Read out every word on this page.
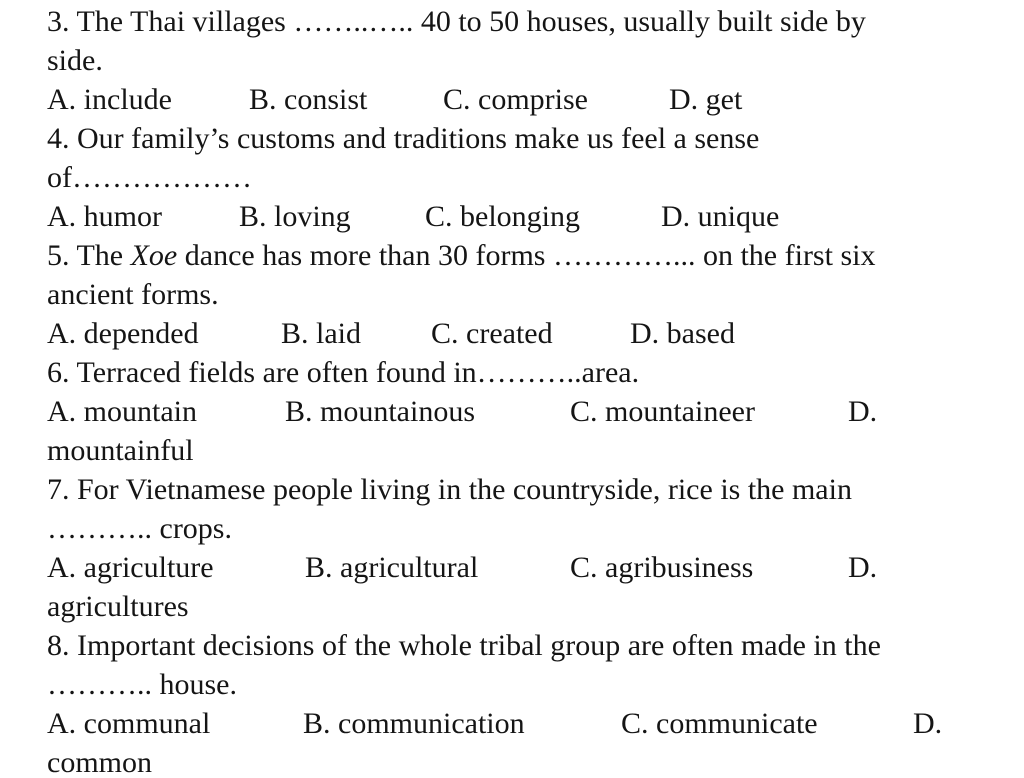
3. The Thai villages ……..….. 40 to 50 houses, usually built side by
side.
A. include	B. consist	C. comprise	D. get
4. Our family’s customs and traditions make us feel a sense
of………………
A. humor	B. loving C. belonging	D. unique
5. The Xoe dance has more than 30 forms …………... on the first six
ancient forms.
A. depended	B. laid C. created	D. based
6. Terraced fields are often found in………..area.
A. mountain	B. mountainous	C. mountaineer	D.
mountainful
7. For Vietnamese people living in the countryside, rice is the main
……….. crops.
A. agriculture	B. agricultural	C. agribusiness	D.
agricultures
8. Important decisions of the whole tribal group are often made in the
……….. house.
A. communal	B. communication	C. communicate	D.
common
